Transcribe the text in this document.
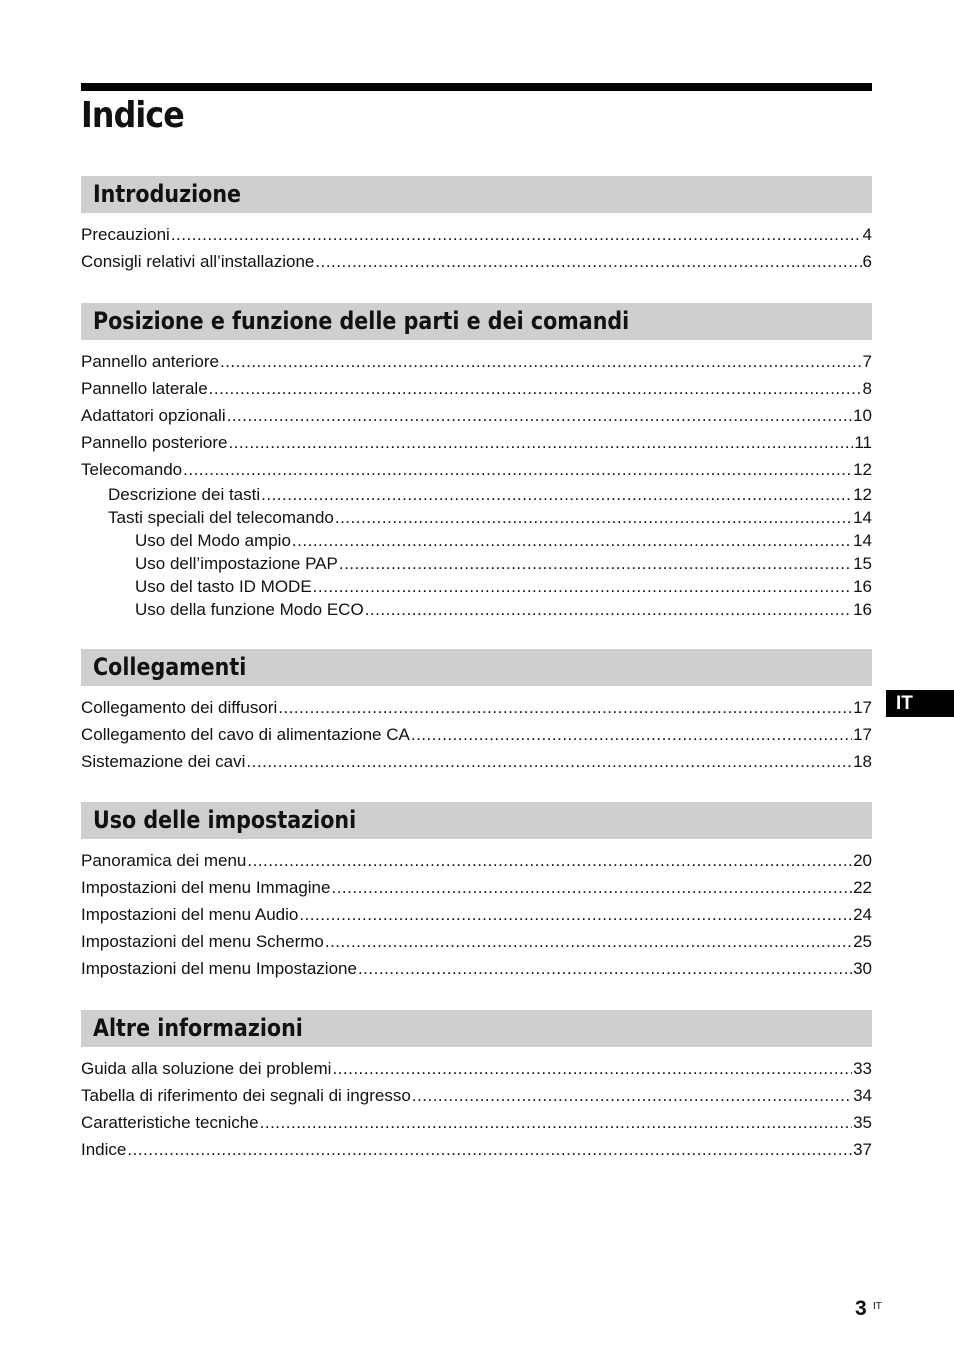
Indice
Introduzione
Precauzioni .....	4
Consigli relativi all’installazione .....	6
Posizione e funzione delle parti e dei comandi
Pannello anteriore .....	7
Pannello laterale .....	8
Adattatori opzionali .....	10
Pannello posteriore .....	11
Telecomando .....	12
Descrizione dei tasti .....	12
Tasti speciali del telecomando .....	14
Uso del Modo ampio .....	14
Uso dell’impostazione PAP .....	15
Uso del tasto ID MODE .....	16
Uso della funzione Modo ECO .....	16
Collegamenti
Collegamento dei diffusori .....	17
Collegamento del cavo di alimentazione CA .....	17
Sistemazione dei cavi .....	18
Uso delle impostazioni
Panoramica dei menu .....	20
Impostazioni del menu Immagine .....	22
Impostazioni del menu Audio .....	24
Impostazioni del menu Schermo .....	25
Impostazioni del menu Impostazione .....	30
Altre informazioni
Guida alla soluzione dei problemi .....	33
Tabella di riferimento dei segnali di ingresso .....	34
Caratteristiche tecniche .....	35
Indice .....	37
IT
3 IT
